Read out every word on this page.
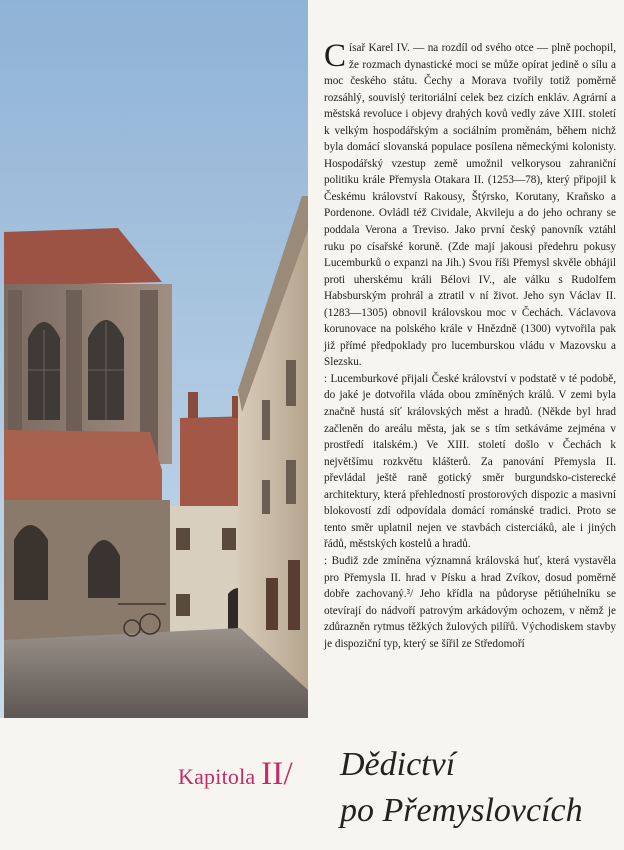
Císař Karel IV. — na rozdíl od svého otce — plně pochopil, že rozmach dynastické moci se může opírat jedině o sílu a moc českého státu. Čechy a Morava tvořily totiž poměrně rozsáhlý, souvislý teritoriální celek bez cizích enkláv. Agrární a městská revoluce i objevy drahých kovů vedly záve XIII. století k velkým hospodářským a sociálním proměnám, během nichž byla domácí slovanská populace posílena německými kolonisty. Hospodářský vzestup země umožnil velkorysou zahraniční politiku krále Přemysla Otakara II. (1253—78), který připojil k Českému království Rakousy, Štýrsko, Korutany, Kraňsko a Pordenone. Ovládl též Cividale, Akvileju a do jeho ochrany se poddala Verona a Treviso. Jako první český panovník vztáhl ruku po císařské koruně. (Zde mají jakousi předehru pokusy Lucemburků o expanzi na Jih.) Svou říši Přemysl skvěle obhájil proti uherskému králi Bélovi IV., ale válku s Rudolfem Habsburským prohrál a ztratil v ní život. Jeho syn Václav II. (1283—1305) obnovil královskou moc v Čechách. Václavova korunovace na polského krále v Hnězdně (1300) vytvořila pak již přímé předpoklady pro lucemburskou vládu v Mazovsku a Slezsku.

: Lucemburkové přijali České království v podstatě v té podobě, do jaké je dotvořila vláda obou zmíněných králů. V zemi byla značně hustá síť královských měst a hradů. (Někde byl hrad začleněn do areálu města, jak se s tím setkáváme zejména v prostředí italském.) Ve XIII. století došlo v Čechách k největšímu rozkvětu klášterů. Za panování Přemysla II. převládal ještě raně gotický směr burgundsko-cisterecké architektury, která přehledností prostorových dispozic a masivní blokovostí zdí odpovídala domácí románské tradici. Proto se tento směr uplatnil nejen ve stavbách cisterciáků, ale i jiných řádů, městských kostelů a hradů.

: Budiž zde zmíněna významná královská huť, která vystavěla pro Přemysla II. hrad v Písku a hrad Zvíkov, dosud poměrně dobře zachovaný.³/ Jeho křídla na půdoryse pětiúhelníku se otevírají do nádvoří patrovým arkádovým ochozem, v němž je zdůrazněn rytmus těžkých žulových pilířů. Východiskem stavby je dispoziční typ, který se šířil ze Středomoří

Kapitola II/ Dědictví
po Přemyslovcích
